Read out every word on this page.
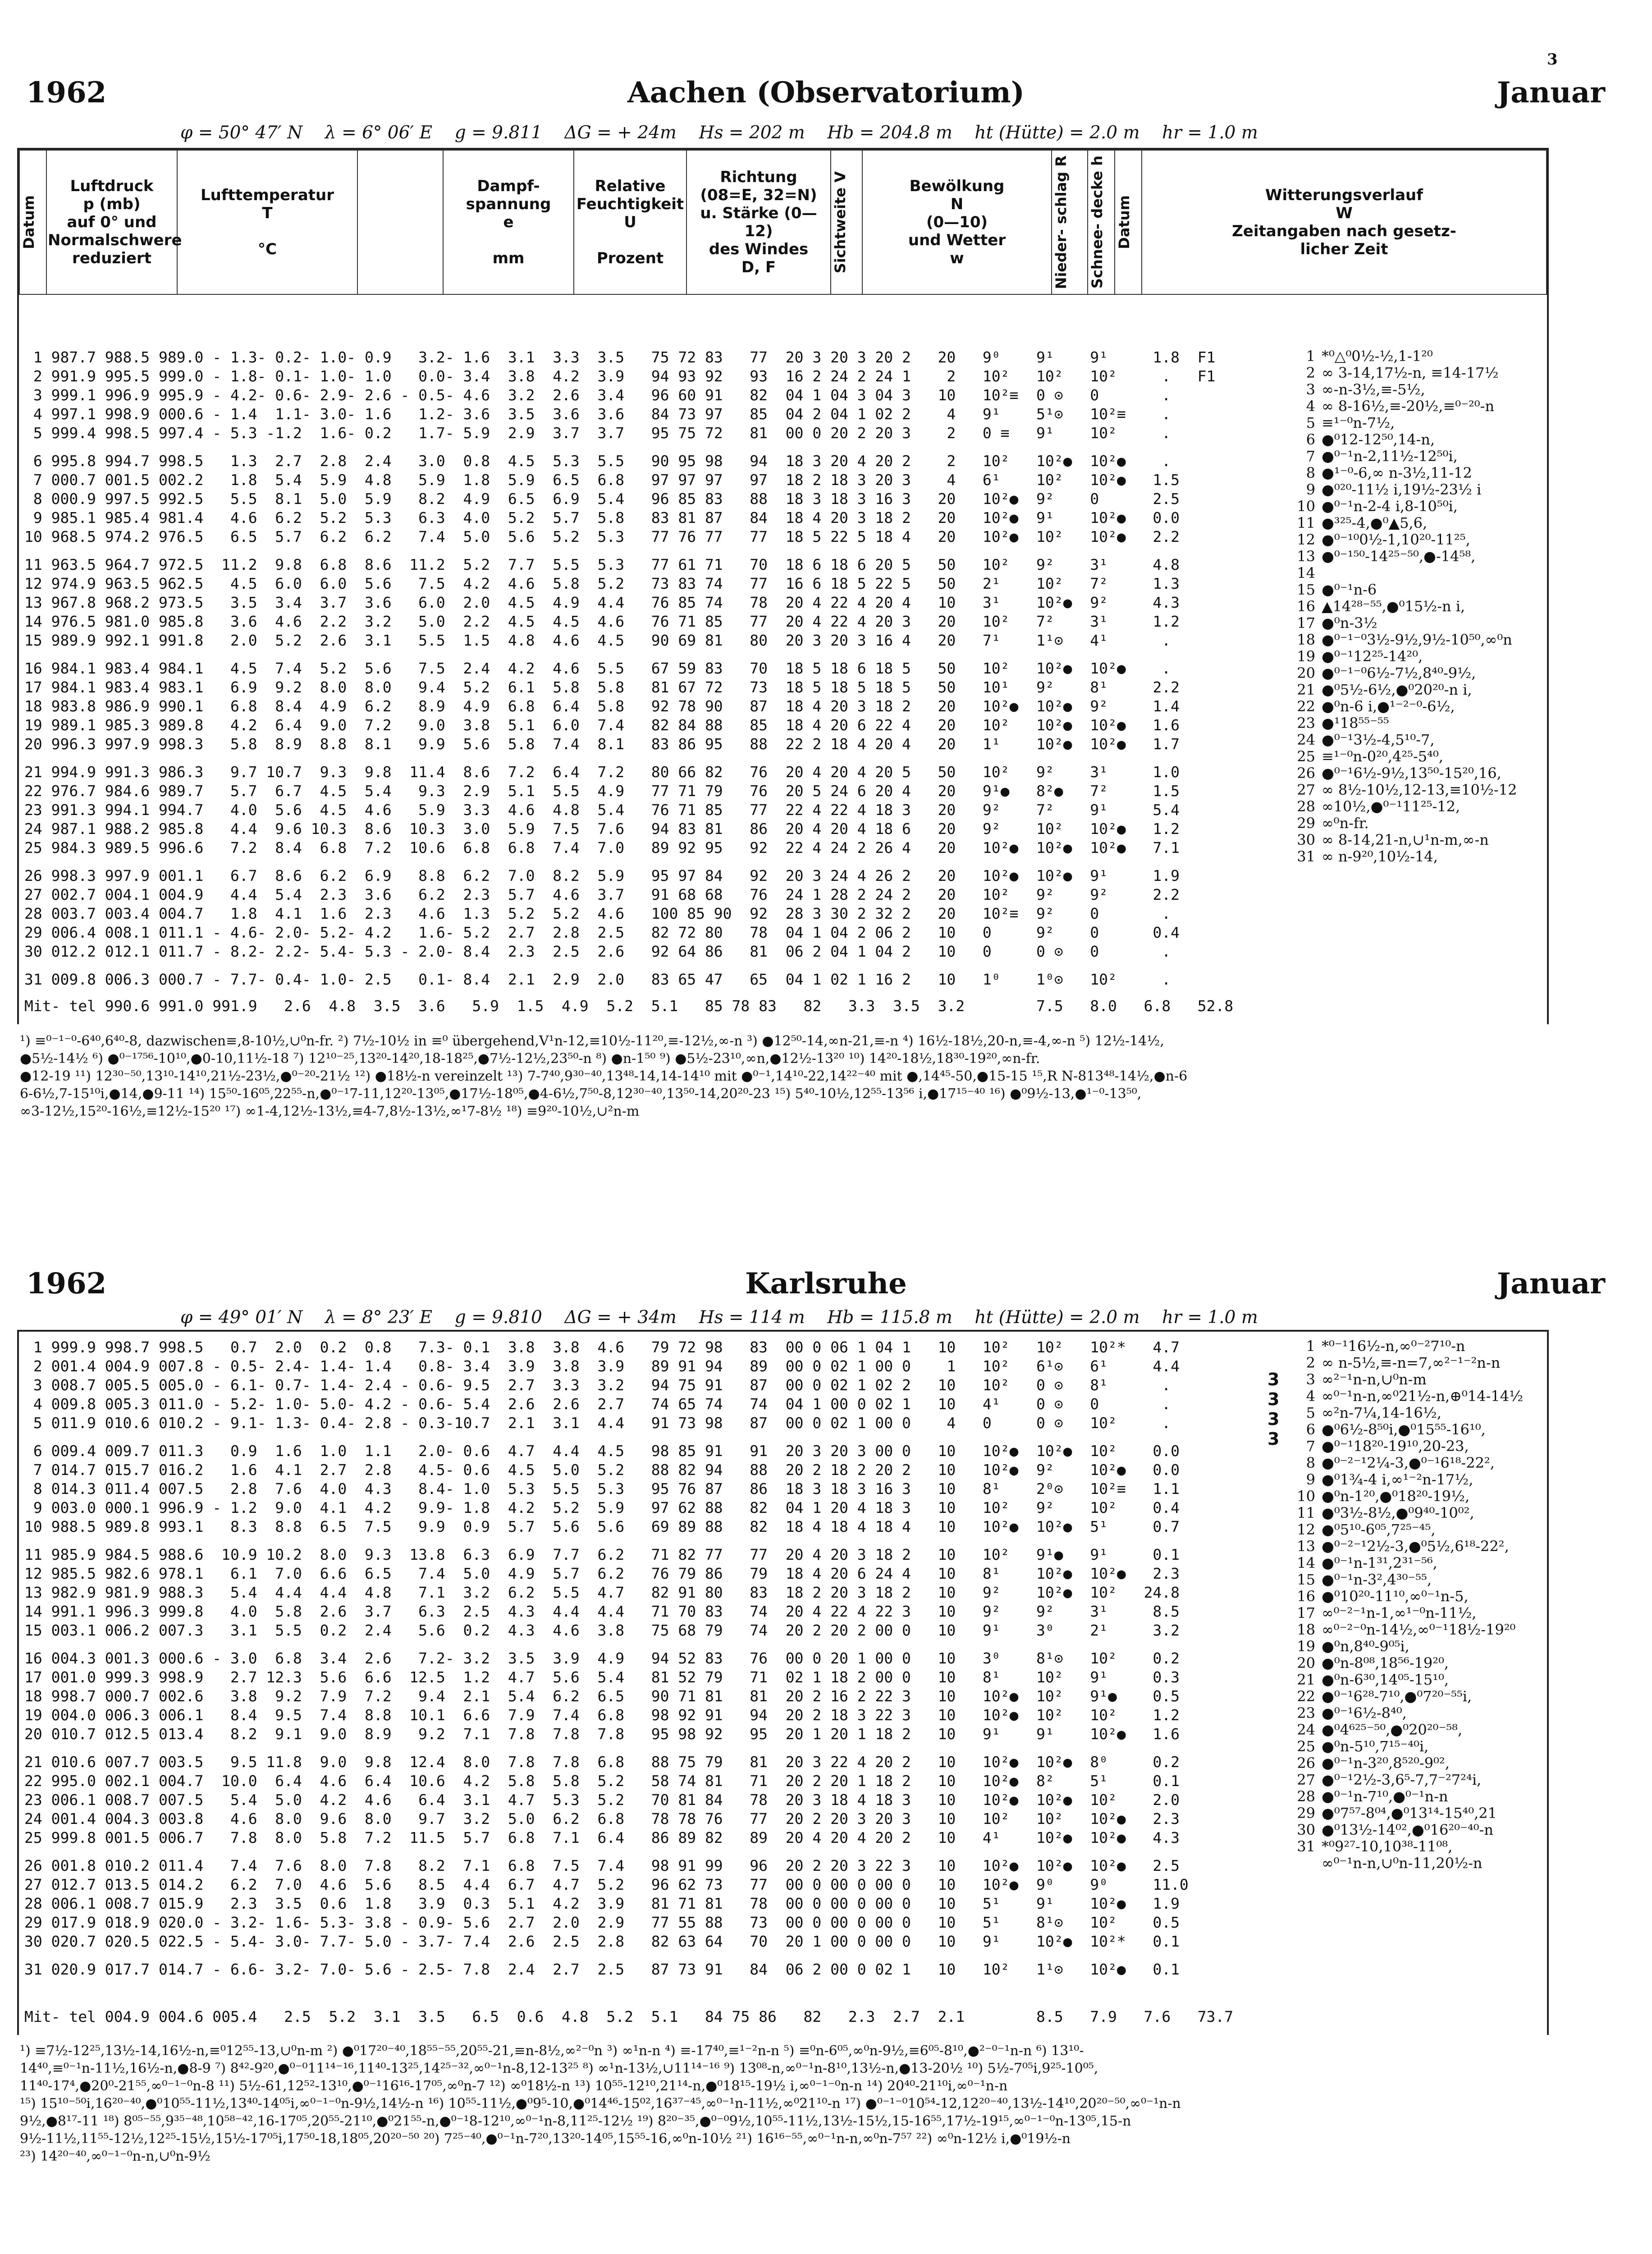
3
1962	Aachen (Observatorium)	Januar
φ = 50° 47′ N    λ = 6° 06′ E    g = 9.811    ΔG = + 24m    Hs = 202 m    Hb = 204.8 m    ht (Hütte) = 2.0 m    hr = 1.0 m
Datum
	Luftdruck
p (mb)
auf 0° und
Normalschwere
reduziert	Lufttemperatur
T

°C		Dampf-
spannung
e

mm	Relative
Feuchtigkeit
U

Prozent	Richtung
(08=E, 32=N)
u. Stärke (0—12)
des Windes
D, F	Sichtweite V	Bewölkung
N
(0—10)
und Wetter
w	Nieder- schlag R	Schnee- decke h	Datum
	Witterungsverlauf
W
Zeitangaben nach gesetz-
licher Zeit
1 987.7 988.5 989.0 - 1.3- 0.2- 1.0- 0.9   3.2- 1.6  3.1  3.3  3.5   75 72 83   77  20 3 20 3 20 2   20   9⁰    9¹    9¹     1.8  F1
2 991.9 995.5 999.0 - 1.8- 0.1- 1.0- 1.0   0.0- 3.4  3.8  4.2  3.9   94 93 92   93  16 2 24 2 24 1    2   10²   10²   10²     .   F1
3 999.1 996.9 995.9 - 4.2- 0.6- 2.9- 2.6 - 0.5- 4.6  3.2  2.6  3.4   96 60 91   82  04 1 04 3 04 3   10   10²≡  0 ⊙   0       .
4 997.1 998.9 000.6 - 1.4  1.1- 3.0- 1.6   1.2- 3.6  3.5  3.6  3.6   84 73 97   85  04 2 04 1 02 2    4   9¹    5¹⊙   10²≡    .
5 999.4 998.5 997.4 - 5.3 -1.2  1.6- 0.2   1.7- 5.9  2.9  3.7  3.7   95 75 72   81  00 0 20 2 20 3    2   0 ≡   9¹    10²     .
6 995.8 994.7 998.5   1.3  2.7  2.8  2.4   3.0  0.8  4.5  5.3  5.5   90 95 98   94  18 3 20 4 20 2    2   10²   10²●  10²●    .
7 000.7 001.5 002.2   1.8  5.4  5.9  4.8   5.9  1.8  5.9  6.5  6.8   97 97 97   97  18 2 18 3 20 3    4   6¹    10²   10²●   1.5
8 000.9 997.5 992.5   5.5  8.1  5.0  5.9   8.2  4.9  6.5  6.9  5.4   96 85 83   88  18 3 18 3 16 3   20   10²●  9²    0      2.5
9 985.1 985.4 981.4   4.6  6.2  5.2  5.3   6.3  4.0  5.2  5.7  5.8   83 81 87   84  18 4 20 3 18 2   20   10²●  9¹    10²●   0.0
10 968.5 974.2 976.5   6.5  5.7  6.2  6.2   7.4  5.0  5.6  5.2  5.3   77 76 77   77  18 5 22 5 18 4   20   10²●  10²   10²●   2.2
11 963.5 964.7 972.5  11.2  9.8  6.8  8.6  11.2  5.2  7.7  5.5  5.3   77 61 71   70  18 6 18 6 20 5   50   10²   9²    3¹     4.8
12 974.9 963.5 962.5   4.5  6.0  6.0  5.6   7.5  4.2  4.6  5.8  5.2   73 83 74   77  16 6 18 5 22 5   50   2¹    10²   7²     1.3
13 967.8 968.2 973.5   3.5  3.4  3.7  3.6   6.0  2.0  4.5  4.9  4.4   76 85 74   78  20 4 22 4 20 4   10   3¹    10²●  9²     4.3
14 976.5 981.0 985.8   3.6  4.6  2.2  3.2   5.0  2.2  4.5  4.5  4.6   76 71 85   77  20 4 22 4 20 3   20   10²   7²    3¹     1.2
15 989.9 992.1 991.8   2.0  5.2  2.6  3.1   5.5  1.5  4.8  4.6  4.5   90 69 81   80  20 3 20 3 16 4   20   7¹    1¹⊙   4¹      .
16 984.1 983.4 984.1   4.5  7.4  5.2  5.6   7.5  2.4  4.2  4.6  5.5   67 59 83   70  18 5 18 6 18 5   50   10²   10²●  10²●    .
17 984.1 983.4 983.1   6.9  9.2  8.0  8.0   9.4  5.2  6.1  5.8  5.8   81 67 72   73  18 5 18 5 18 5   50   10¹   9²    8¹     2.2
18 983.8 986.9 990.1   6.8  8.4  4.9  6.2   8.9  4.9  6.8  6.4  5.8   92 78 90   87  18 4 20 3 18 2   20   10²●  10²●  9²     1.4
19 989.1 985.3 989.8   4.2  6.4  9.0  7.2   9.0  3.8  5.1  6.0  7.4   82 84 88   85  18 4 20 6 22 4   20   10²   10²●  10²●   1.6
20 996.3 997.9 998.3   5.8  8.9  8.8  8.1   9.9  5.6  5.8  7.4  8.1   83 86 95   88  22 2 18 4 20 4   20   1¹    10²●  10²●   1.7
21 994.9 991.3 986.3   9.7 10.7  9.3  9.8  11.4  8.6  7.2  6.4  7.2   80 66 82   76  20 4 20 4 20 5   50   10²   9²    3¹     1.0
22 976.7 984.6 989.7   5.7  6.7  4.5  5.4   9.3  2.9  5.1  5.5  4.9   77 71 79   76  20 5 24 6 20 4   20   9¹●   8²●   7²     1.5
23 991.3 994.1 994.7   4.0  5.6  4.5  4.6   5.9  3.3  4.6  4.8  5.4   76 71 85   77  22 4 22 4 18 3   20   9²    7²    9¹     5.4
24 987.1 988.2 985.8   4.4  9.6 10.3  8.6  10.3  3.0  5.9  7.5  7.6   94 83 81   86  20 4 20 4 18 6   20   9²    10²   10²●   1.2
25 984.3 989.5 996.6   7.2  8.4  6.8  7.2  10.6  6.8  6.8  7.4  7.0   89 92 95   92  22 4 24 2 26 4   20   10²●  10²●  10²●   7.1
26 998.3 997.9 001.1   6.7  8.6  6.2  6.9   8.8  6.2  7.0  8.2  5.9   95 97 84   92  20 3 24 4 26 2   20   10²●  10²●  9¹     1.9
27 002.7 004.1 004.9   4.4  5.4  2.3  3.6   6.2  2.3  5.7  4.6  3.7   91 68 68   76  24 1 28 2 24 2   20   10²   9²    9²     2.2
28 003.7 003.4 004.7   1.8  4.1  1.6  2.3   4.6  1.3  5.2  5.2  4.6   100 85 90  92  28 3 30 2 32 2   20   10²≡  9²    0       .
29 006.4 008.1 011.1 - 4.6- 2.0- 5.2- 4.2   1.6- 5.2  2.7  2.8  2.5   82 72 80   78  04 1 04 2 06 2   10   0     9²    0      0.4
30 012.2 012.1 011.7 - 8.2- 2.2- 5.4- 5.3 - 2.0- 8.4  2.3  2.5  2.6   92 64 86   81  06 2 04 1 04 2   10   0     0 ⊙   0       .
31 009.8 006.3 000.7 - 7.7- 0.4- 1.0- 2.5   0.1- 8.4  2.1  2.9  2.0   83 65 47   65  04 1 02 1 16 2   10   1⁰    1⁰⊙   10²     .
1 *⁰△⁰0½-½,1-1²⁰
2 ∞ 3-14,17½-n, ≡14-17½
3 ∞-n-3½,≡-5½,
4 ∞ 8-16½,≡-20½,≡⁰⁻²⁰-n
5 ≡¹⁻⁰n-7½,
6 ●⁰12-12⁵⁰,14-n,
7 ●⁰⁻¹n-2,11½-12⁵⁰i,
8 ●¹⁻⁰-6,∞ n-3½,11-12
9 ●⁰²⁰-11½ i,19½-23½ i
10 ●⁰⁻¹n-2-4 i,8-10⁵⁰i,
11 ●³²⁵-4,●⁰▲5,6,
12 ●⁰⁻¹⁰0½-1,10²⁰-11²⁵,
13 ●⁰⁻¹⁵⁰-14²⁵⁻⁵⁰,●-14⁵⁸,
14
15 ●⁰⁻¹n-6
16 ▲14²⁸⁻⁵⁵,●⁰15½-n i,
17 ●⁰n-3½
18 ●⁰⁻¹⁻⁰3½-9½,9½-10⁵⁰,∞⁰n
19 ●⁰⁻¹12²⁵-14²⁰,
20 ●⁰⁻¹⁻⁰6½-7½,8⁴⁰-9½,
21 ●⁰5½-6½,●⁰20²⁰-n i,
22 ●⁰n-6 i,●¹⁻²⁻⁰-6½,
23 ●¹18⁵⁵⁻⁵⁵
24 ●⁰⁻¹3½-4,5¹⁰-7,
25 ≡¹⁻⁰n-0²⁰,4²⁵-5⁴⁰,
26 ●⁰⁻¹6½-9½,13⁵⁰-15²⁰,16,
27 ∞ 8½-10½,12-13,≡10½-12
28 ∞10½,●⁰⁻¹11²⁵-12,
29 ∞⁰n-fr.
30 ∞ 8-14,21-n,∪¹n-m,∞-n
31 ∞ n-9²⁰,10½-14,
Mit- tel 990.6 991.0 991.9   2.6  4.8  3.5  3.6   5.9  1.5  4.9  5.2  5.1   85 78 83   82   3.3  3.5  3.2        7.5   8.0   6.8   52.8
¹) ≡⁰⁻¹⁻⁰-6⁴⁰,6⁴⁰-8, dazwischen≡,8-10½,∪⁰n-fr. ²) 7½-10½ in ≡⁰ übergehend,V¹n-12,≡10½-11²⁰,≡-12½,∞-n ³) ●12⁵⁰-14,∞n-21,≡-n ⁴) 16½-18½,20-n,≡-4,∞-n ⁵) 12½-14½,
●5½-14½ ⁶) ●⁰⁻¹⁷⁵⁶-10¹⁰,●0-10,11½-18 ⁷) 12¹⁰⁻²⁵,13²⁰-14²⁰,18-18²⁵,●7½-12½,23⁵⁰-n ⁸) ●n-1⁵⁰ ⁹) ●5½-23¹⁰,∞n,●12½-13²⁰ ¹⁰) 14²⁰-18½,18³⁰-19²⁰,∞n-fr.
●12-19 ¹¹) 12³⁰⁻⁵⁰,13¹⁰-14¹⁰,21½-23½,●⁰⁻²⁰-21½ ¹²) ●18½-n vereinzelt ¹³) 7-7⁴⁰,9³⁰⁻⁴⁰,13⁴⁸-14,14-14¹⁰ mit ●⁰⁻¹,14¹⁰-22,14²²⁻⁴⁰ mit ●,14⁴⁵-50,●15-15 ¹⁵,R N-813⁴⁸-14½,●n-6
6-6½,7-15¹⁰i,●14,●9-11 ¹⁴) 15⁵⁰-16⁰⁵,22⁵⁵-n,●⁰⁻¹7-11,12²⁰-13⁰⁵,●17½-18⁰⁵,●4-6½,7⁵⁰-8,12³⁰⁻⁴⁰,13⁵⁰-14,20²⁰-23 ¹⁵) 5⁴⁰-10½,12⁵⁵-13⁵⁶ i,●17¹⁵⁻⁴⁰ ¹⁶) ●⁰9½-13,●¹⁻⁰-13⁵⁰,
∞3-12½,15²⁰-16½,≡12½-15²⁰ ¹⁷) ∞1-4,12½-13½,≡4-7,8½-13½,∞¹7-8½ ¹⁸) ≡9²⁰-10½,∪²n-m
1962	Karlsruhe	Januar
φ = 49° 01′ N    λ = 8° 23′ E    g = 9.810    ΔG = + 34m    Hs = 114 m    Hb = 115.8 m    ht (Hütte) = 2.0 m    hr = 1.0 m
1 999.9 998.7 998.5   0.7  2.0  0.2  0.8   7.3- 0.1  3.8  3.8  4.6   79 72 98   83  00 0 06 1 04 1   10   10²   10²   10²*   4.7
2 001.4 004.9 007.8 - 0.5- 2.4- 1.4- 1.4   0.8- 3.4  3.9  3.8  3.9   89 91 94   89  00 0 02 1 00 0    1   10²   6¹⊙   6¹     4.4
3 008.7 005.5 005.0 - 6.1- 0.7- 1.4- 2.4 - 0.6- 9.5  2.7  3.3  3.2   94 75 91   87  00 0 02 1 02 2   10   10²   0 ⊙   8¹      .
4 009.8 005.3 011.0 - 5.2- 1.0- 5.0- 4.2 - 0.6- 5.4  2.6  2.6  2.7   74 65 74   74  04 1 00 0 02 1   10   4¹    0 ⊙   0       .
5 011.9 010.6 010.2 - 9.1- 1.3- 0.4- 2.8 - 0.3-10.7  2.1  3.1  4.4   91 73 98   87  00 0 02 1 00 0    4   0     0 ⊙   10²     .
6 009.4 009.7 011.3   0.9  1.6  1.0  1.1   2.0- 0.6  4.7  4.4  4.5   98 85 91   91  20 3 20 3 00 0   10   10²●  10²●  10²    0.0
7 014.7 015.7 016.2   1.6  4.1  2.7  2.8   4.5- 0.6  4.5  5.0  5.2   88 82 94   88  20 2 18 2 20 2   10   10²●  9²    10²●   0.0
8 014.3 011.4 007.5   2.8  7.6  4.0  4.3   8.4- 1.0  5.3  5.5  5.3   95 76 87   86  18 3 18 3 16 3   10   8¹    2⁰⊙   10²≡   1.1
9 003.0 000.1 996.9 - 1.2  9.0  4.1  4.2   9.9- 1.8  4.2  5.2  5.9   97 62 88   82  04 1 20 4 18 3   10   10²   9²    10²    0.4
10 988.5 989.8 993.1   8.3  8.8  6.5  7.5   9.9  0.9  5.7  5.6  5.6   69 89 88   82  18 4 18 4 18 4   10   10²●  10²●  5¹     0.7
11 985.9 984.5 988.6  10.9 10.2  8.0  9.3  13.8  6.3  6.9  7.7  6.2   71 82 77   77  20 4 20 3 18 2   10   10²   9¹●   9¹     0.1
12 985.5 982.6 978.1   6.1  7.0  6.6  6.5   7.4  5.0  4.9  5.7  6.2   76 79 86   79  18 4 20 6 24 4   10   8¹    10²●  10²●   2.3
13 982.9 981.9 988.3   5.4  4.4  4.4  4.8   7.1  3.2  6.2  5.5  4.7   82 91 80   83  18 2 20 3 18 2   10   9²    10²●  10²   24.8
14 991.1 996.3 999.8   4.0  5.8  2.6  3.7   6.3  2.5  4.3  4.4  4.4   71 70 83   74  20 4 22 4 22 3   10   9²    9²    3¹     8.5
15 003.1 006.2 007.3   3.1  5.5  0.2  2.4   5.6  0.2  4.3  4.6  3.8   75 68 79   74  20 2 20 2 00 0   10   9¹    3⁰    2¹     3.2
16 004.3 001.3 000.6 - 3.0  6.8  3.4  2.6   7.2- 3.2  3.5  3.9  4.9   94 52 83   76  00 0 20 1 00 0   10   3⁰    8¹⊙   10²    0.2
17 001.0 999.3 998.9   2.7 12.3  5.6  6.6  12.5  1.2  4.7  5.6  5.4   81 52 79   71  02 1 18 2 00 0   10   8¹    10²   9¹     0.3
18 998.7 000.7 002.6   3.8  9.2  7.9  7.2   9.4  2.1  5.4  6.2  6.5   90 71 81   81  20 2 16 2 22 3   10   10²●  10²   9¹●    0.5
19 004.0 006.3 006.1   8.4  9.5  7.4  8.8  10.1  6.6  7.9  7.4  6.8   98 92 91   94  20 2 18 3 22 3   10   10²●  10²   10²    1.2
20 010.7 012.5 013.4   8.2  9.1  9.0  8.9   9.2  7.1  7.8  7.8  7.8   95 98 92   95  20 1 20 1 18 2   10   9¹    9¹    10²●   1.6
21 010.6 007.7 003.5   9.5 11.8  9.0  9.8  12.4  8.0  7.8  7.8  6.8   88 75 79   81  20 3 22 4 20 2   10   10²●  10²●  8⁰     0.2
22 995.0 002.1 004.7  10.0  6.4  4.6  6.4  10.6  4.2  5.8  5.8  5.2   58 74 81   71  20 2 20 1 18 2   10   10²●  8²    5¹     0.1
23 006.1 008.7 007.5   5.4  5.0  4.2  4.6   6.4  3.1  4.7  5.3  5.2   70 81 84   78  20 3 18 4 18 3   10   10²●  10²●  10²    2.0
24 001.4 004.3 003.8   4.6  8.0  9.6  8.0   9.7  3.2  5.0  6.2  6.8   78 78 76   77  20 2 20 3 20 3   10   10²   10²   10²●   2.3
25 999.8 001.5 006.7   7.8  8.0  5.8  7.2  11.5  5.7  6.8  7.1  6.4   86 89 82   89  20 4 20 4 20 2   10   4¹    10²●  10²●   4.3
26 001.8 010.2 011.4   7.4  7.6  8.0  7.8   8.2  7.1  6.8  7.5  7.4   98 91 99   96  20 2 20 3 22 3   10   10²●  10²●  10²●   2.5
27 012.7 013.5 014.2   6.2  7.0  4.6  5.6   8.5  4.4  6.7  4.7  5.2   96 62 73   77  00 0 00 0 00 0   10   10²●  9⁰    9⁰     11.0
28 006.1 008.7 015.9   2.3  3.5  0.6  1.8   3.9  0.3  5.1  4.2  3.9   81 71 81   78  00 0 00 0 00 0   10   5¹    9¹    10²●   1.9
29 017.9 018.9 020.0 - 3.2- 1.6- 5.3- 3.8 - 0.9- 5.6  2.7  2.0  2.9   77 55 88   73  00 0 00 0 00 0   10   5¹    8¹⊙   10²    0.5
30 020.7 020.5 022.5 - 5.4- 3.0- 7.7- 5.0 - 3.7- 7.4  2.6  2.5  2.8   82 63 64   70  20 1 00 0 00 0   10   9¹    10²●  10²*   0.1
31 020.9 017.7 014.7 - 6.6- 3.2- 7.0- 5.6 - 2.5- 7.8  2.4  2.7  2.5   87 73 91   84  06 2 00 0 02 1   10   10²   1¹⊙   10²●   0.1
3
3
3
3
1 *⁰⁻¹16½-n,∞⁰⁻²7¹⁰-n
2 ∞ n-5½,≡-n=7,∞²⁻¹⁻²n-n
3 ∞²⁻¹n-n,∪⁰n-m
4 ∞⁰⁻¹n-n,∞⁰21½-n,⊕⁰14-14½
5 ∞²n-7¼,14-16½,
6 ●⁰6½-8⁵⁰i,●⁰15⁵⁵-16¹⁰,
7 ●⁰⁻¹18²⁰-19¹⁰,20-23,
8 ●⁰⁻²⁻¹2¼-3,●⁰⁻¹6¹⁸-22²,
9 ●⁰1¾-4 i,∞¹⁻²n-17½,
10 ●⁰n-1²⁰,●⁰18²⁰-19½,
11 ●⁰3½-8½,●⁰9⁴⁰-10⁰²,
12 ●⁰5¹⁰-6⁰⁵,7²⁵⁻⁴⁵,
13 ●⁰⁻²⁻¹2½-3,●⁰5½,6¹⁸-22²,
14 ●⁰⁻¹n-1³¹,2³¹⁻⁵⁶,
15 ●⁰⁻¹n-3²,4³⁰⁻⁵⁵,
16 ●⁰10²⁰-11¹⁰,∞⁰⁻¹n-5,
17 ∞⁰⁻²⁻¹n-1,∞¹⁻⁰n-11½,
18 ∞⁰⁻²⁻⁰n-14½,∞⁰⁻¹18½-19²⁰
19 ●⁰n,8⁴⁰-9⁰⁵i,
20 ●⁰n-8⁰⁸,18⁵⁶-19²⁰,
21 ●⁰n-6³⁰,14⁰⁵-15¹⁰,
22 ●⁰⁻¹6²⁸-7¹⁰,●⁰7²⁰⁻⁵⁵i,
23 ●⁰⁻¹6½-8⁴⁰,
24 ●⁰4⁶²⁵⁻⁵⁰,●⁰20²⁰⁻⁵⁸,
25 ●⁰n-5¹⁰,7¹⁵⁻⁴⁰i,
26 ●⁰⁻¹n-3²⁰,8⁵²⁰-9⁰²,
27 ●⁰⁻¹2½-3,6⁵-7,7⁻²7²⁴i,
28 ●⁰⁻¹n-7¹⁰,●⁰⁻¹n-n
29 ●⁰7⁵⁷-8⁰⁴,●⁰13¹⁴-15⁴⁰,21
30 ●⁰13½-14⁰²,●⁰16²⁰⁻⁴⁰-n
31 *⁰9²⁷-10,10³⁸-11⁰⁸,
∞⁰⁻¹n-n,∪⁰n-11,20½-n
Mit- tel 004.9 004.6 005.4   2.5  5.2  3.1  3.5   6.5  0.6  4.8  5.2  5.1   84 75 86   82   2.3  2.7  2.1        8.5   7.9   7.6   73.7
¹) ≡7½-12²⁵,13½-14,16½-n,≡⁰12⁵⁵-13,∪⁰n-m ²) ●⁰17²⁰⁻⁴⁰,18⁵⁵⁻⁵⁵,20⁵⁵-21,≡n-8½,∞²⁻⁰n ³) ∞¹n-n ⁴) ≡-17⁴⁰,≡¹⁻²n-n ⁵) ≡⁰n-6⁰⁵,∞⁰n-9½,≡6⁰⁵-8¹⁰,●²⁻⁰⁻¹n-n ⁶) 13¹⁰-
14⁴⁰,≡⁰⁻¹n-11½,16½-n,●8-9 ⁷) 8⁴²-9²⁰,●⁰⁻⁰11¹⁴⁻¹⁶,11⁴⁰-13²⁵,14²⁵⁻³²,∞⁰⁻¹n-8,12-13²⁵ ⁸) ∞¹n-13½,∪11¹⁴⁻¹⁶ ⁹) 13⁰⁸-n,∞⁰⁻¹n-8¹⁰,13½-n,●13-20½ ¹⁰) 5½-7⁰⁵i,9²⁵-10⁰⁵,
11⁴⁰-17⁴,●20⁰-21⁵⁵,∞⁰⁻¹⁻⁰n-8 ¹¹) 5½-61,12⁵²-13¹⁰,●⁰⁻¹16¹⁶-17⁰⁵,∞⁰n-7 ¹²) ∞⁰18½-n ¹³) 10⁵⁵-12¹⁰,21¹⁴-n,●⁰18¹⁵-19½ i,∞⁰⁻¹⁻⁰n-n ¹⁴) 20⁴⁰-21¹⁰i,∞⁰⁻¹n-n
¹⁵) 15¹⁰⁻⁵⁰i,16²⁰⁻⁴⁰,●⁰10⁵⁵-11½,13⁴⁰-14⁰⁵i,∞⁰⁻¹⁻⁰n-9½,14½-n ¹⁶) 10⁵⁵-11½,●⁰9⁵-10,●⁰14⁴⁶-15⁰²,16³⁷⁻⁴⁵,∞⁰⁻¹n-11½,∞⁰21¹⁰-n ¹⁷) ●⁰⁻¹⁻⁰10⁵⁴-12,12²⁰⁻⁴⁰,13½-14¹⁰,20²⁰⁻⁵⁰,∞⁰⁻¹n-n
9½,●8¹⁷-11 ¹⁸) 8⁰⁵⁻⁵⁵,9³⁵⁻⁴⁸,10⁵⁸⁻⁴²,16-17⁰⁵,20⁵⁵-21¹⁰,●⁰21⁵⁵-n,●⁰⁻¹8-12¹⁰,∞⁰⁻¹n-8,11²⁵-12½ ¹⁹) 8²⁰⁻³⁵,●⁰⁻⁰9½,10⁵⁵-11½,13½-15½,15-16⁵⁵,17½-19¹⁵,∞⁰⁻¹⁻⁰n-13⁰⁵,15-n
9½-11½,11⁵⁵-12½,12²⁵-15½,15½-17⁰⁵i,17⁵⁰-18,18⁰⁵,20²⁰⁻⁵⁰ ²⁰) 7²⁵⁻⁴⁰,●⁰⁻¹n-7²⁰,13²⁰-14⁰⁵,15⁵⁵-16,∞⁰n-10½ ²¹) 16¹⁶⁻⁵⁵,∞⁰⁻¹n-n,∞⁰n-7⁵⁷ ²²) ∞⁰n-12½ i,●⁰19½-n
²³) 14²⁰⁻⁴⁰,∞⁰⁻¹⁻⁰n-n,∪⁰n-9½
